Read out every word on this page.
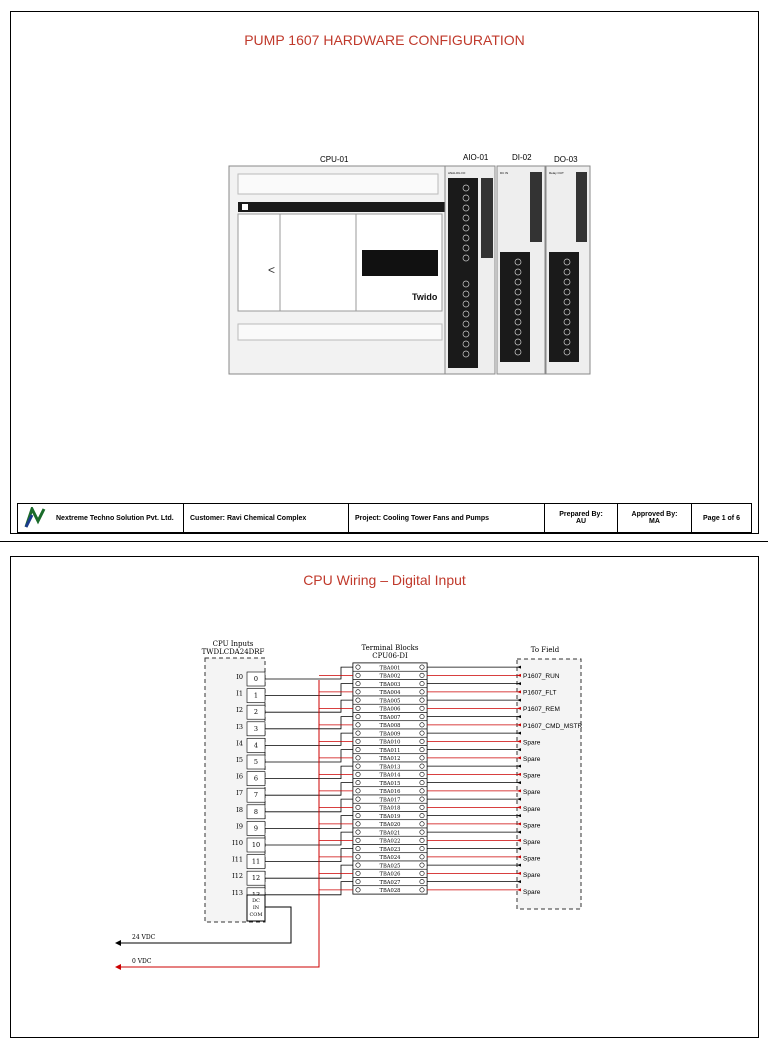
PUMP 1607 HARDWARE CONFIGURATION
CPU-01	AIO-01	DI-02	DO-03
<
Twido
ANALOG I/O	DC IN	Relay OUT
Nextreme Techno Solution Pvt. Ltd. Customer: Ravi Chemical Complex	Project: Cooling Tower Fans and Pumps	Prepared By:
AU
Approved By:
MA	Page 1 of 6
CPU Wiring – Digital Input
CPU Inputs
TWDLCDA24DRF	Terminal Blocks
CPU06-DI
To Field
0
I0
1
I1
2
I2
3
I3
4
I4
5
I5
6
I6
7
I7
8
I8
9
I9
10
I10
11
I11
12
I12
I13
TBA001
TBA002
TBA003
TBA004
TBA005
TBA006
TBA007
TBA008
TBA009
TBA010
TBA011
TBA012
TBA013
TBA014
TBA015
TBA016
TBA017
TBA018
TBA019
TBA020
TBA021
TBA022
TBA023
TBA024
TBA025
TBA026
TBA027
TBA028
P1607_RUN
P1607_FLT
P1607_REM
P1607_CMD_MSTR
Spare
Spare
Spare
Spare
Spare
Spare
Spare
Spare
Spare
Spare
DC
IN
COM
24 VDC
0 VDC
